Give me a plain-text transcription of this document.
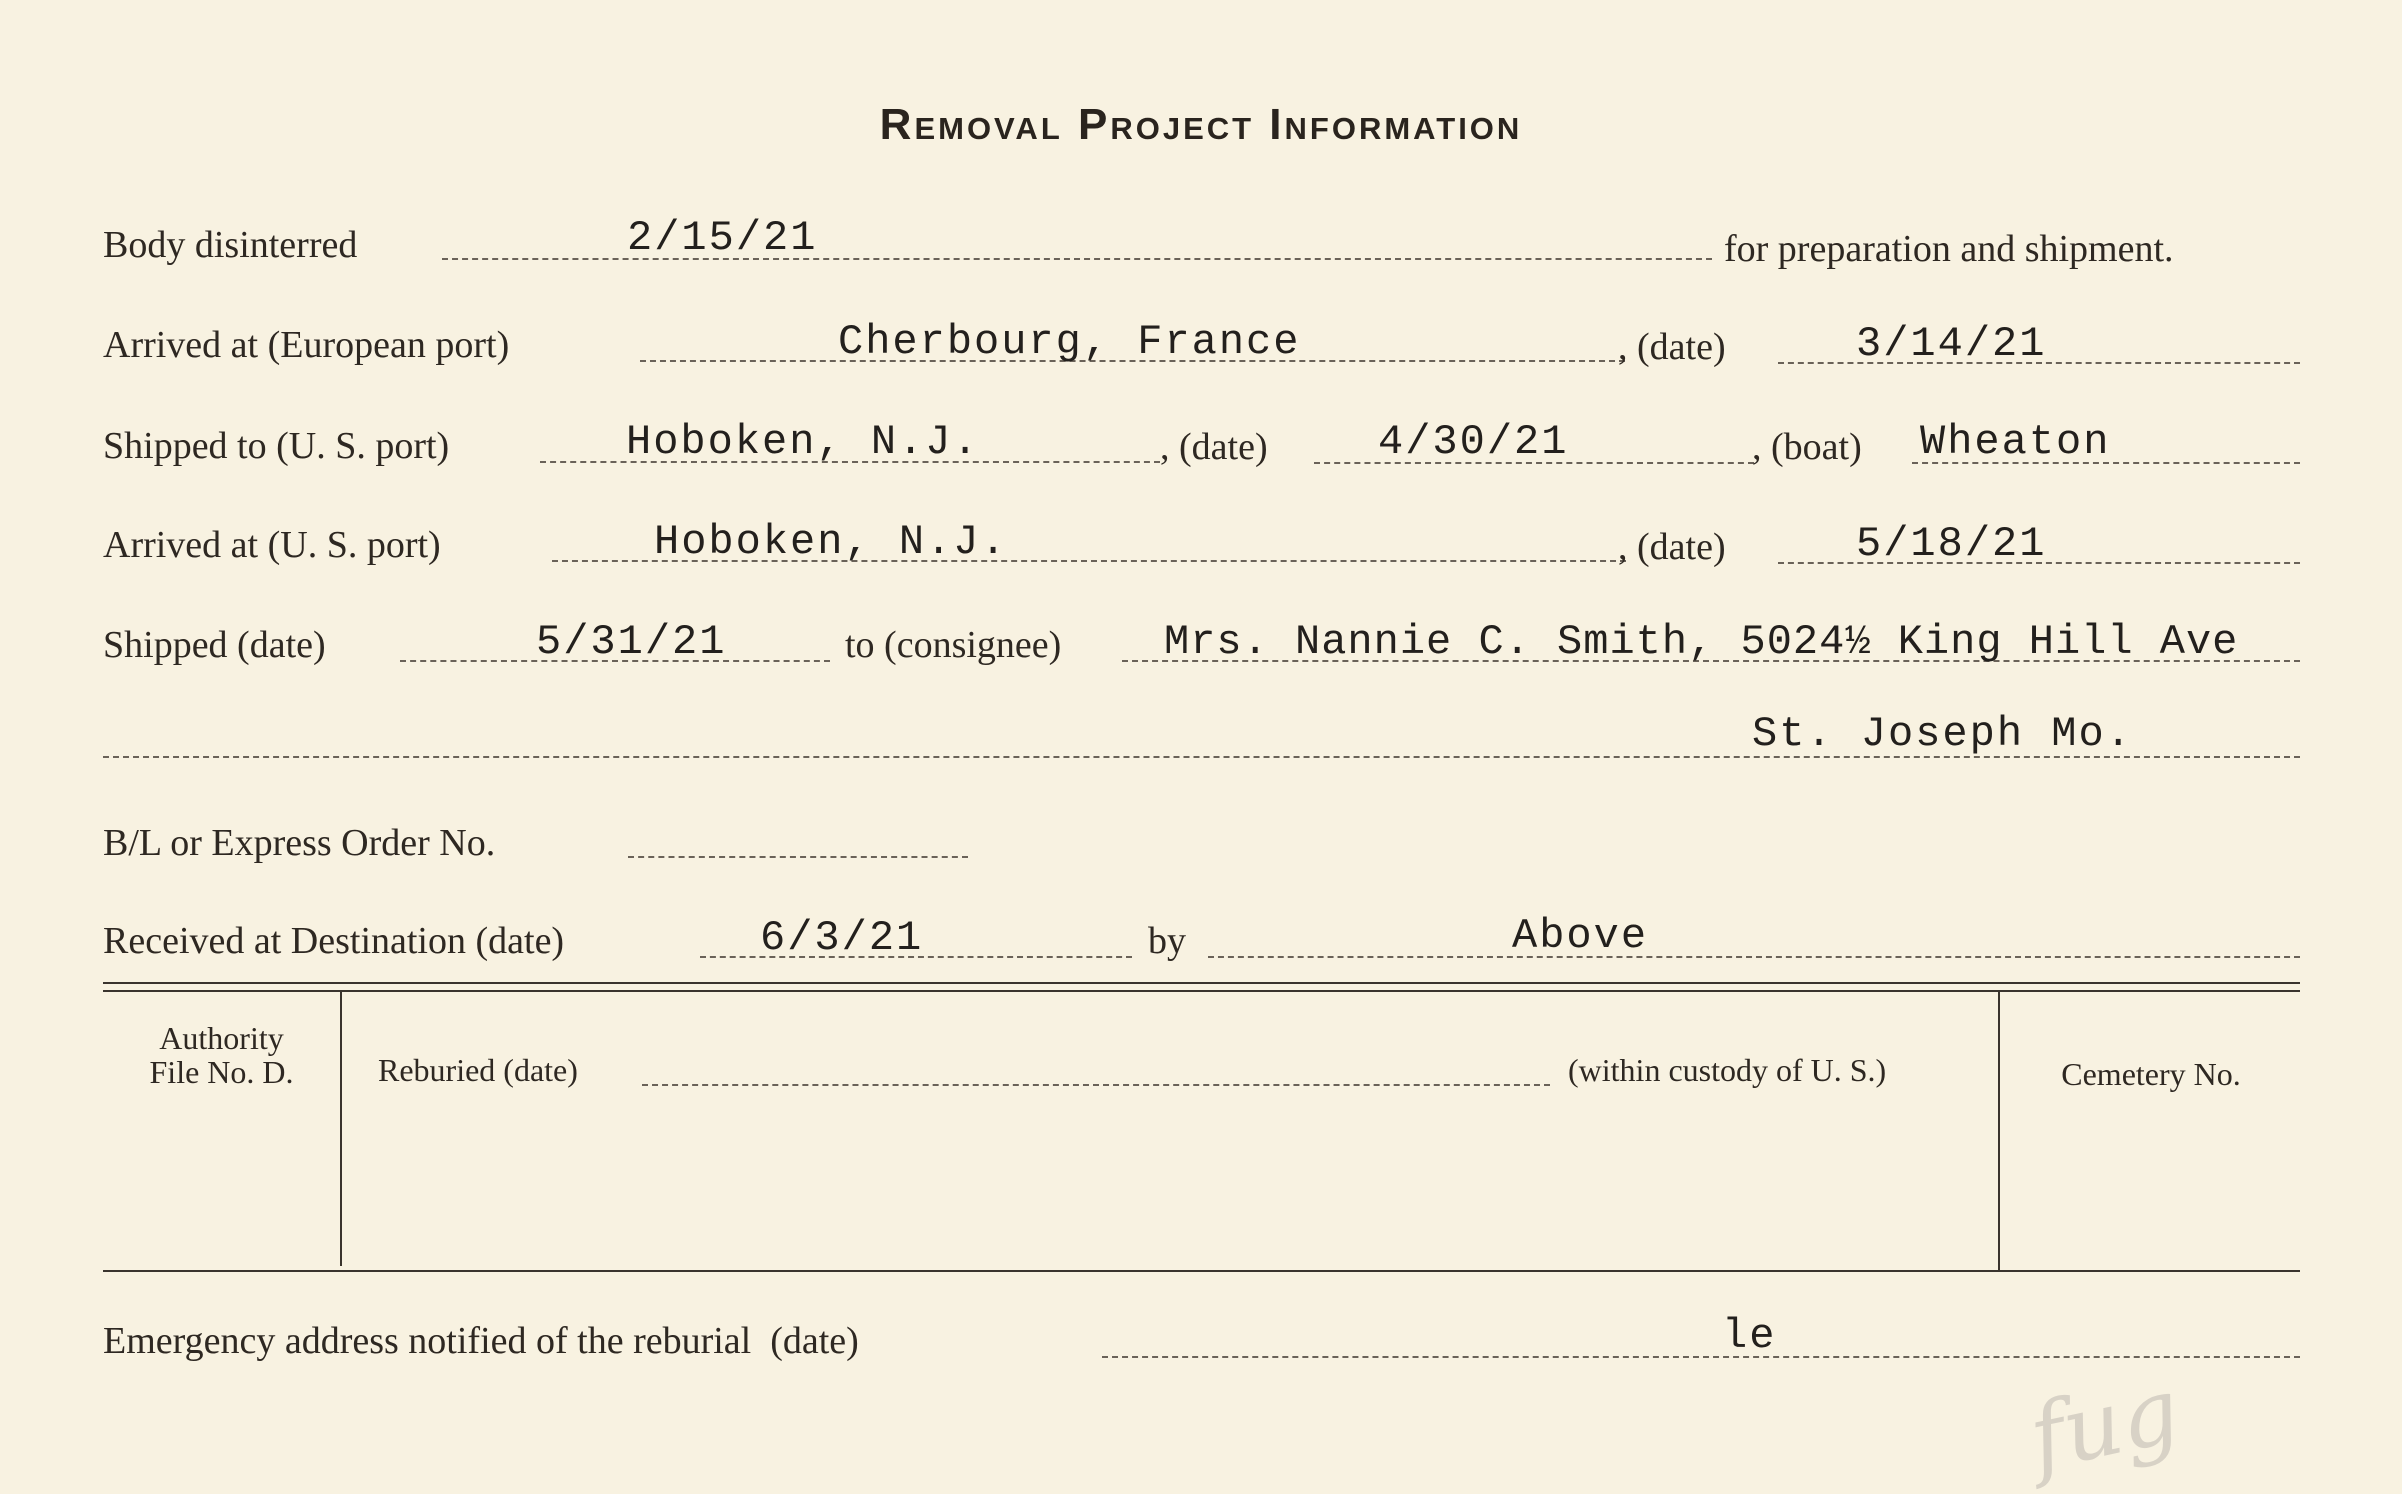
Removal Project Information
Body disinterred	2/15/21	for preparation and shipment.
Arrived at (European port)	Cherbourg, France	, (date)	3/14/21
Shipped to (U. S. port)	Hoboken, N.J.	, (date)	4/30/21	, (boat) Wheaton
Arrived at (U. S. port)	Hoboken, N.J.	, (date)	5/18/21
Shipped (date)	5/31/21	to (consignee) Mrs. Nannie C. Smith, 5024½ King Hill Ave
St. Joseph Mo.
B/L or Express Order No.
Received at Destination (date)	6/3/21	by	Above
Authority
File No. D.	Reburied (date)	(within custody of U. S.)	Cemetery No.
Emergency address notified of the reburial  (date)	le
fug
